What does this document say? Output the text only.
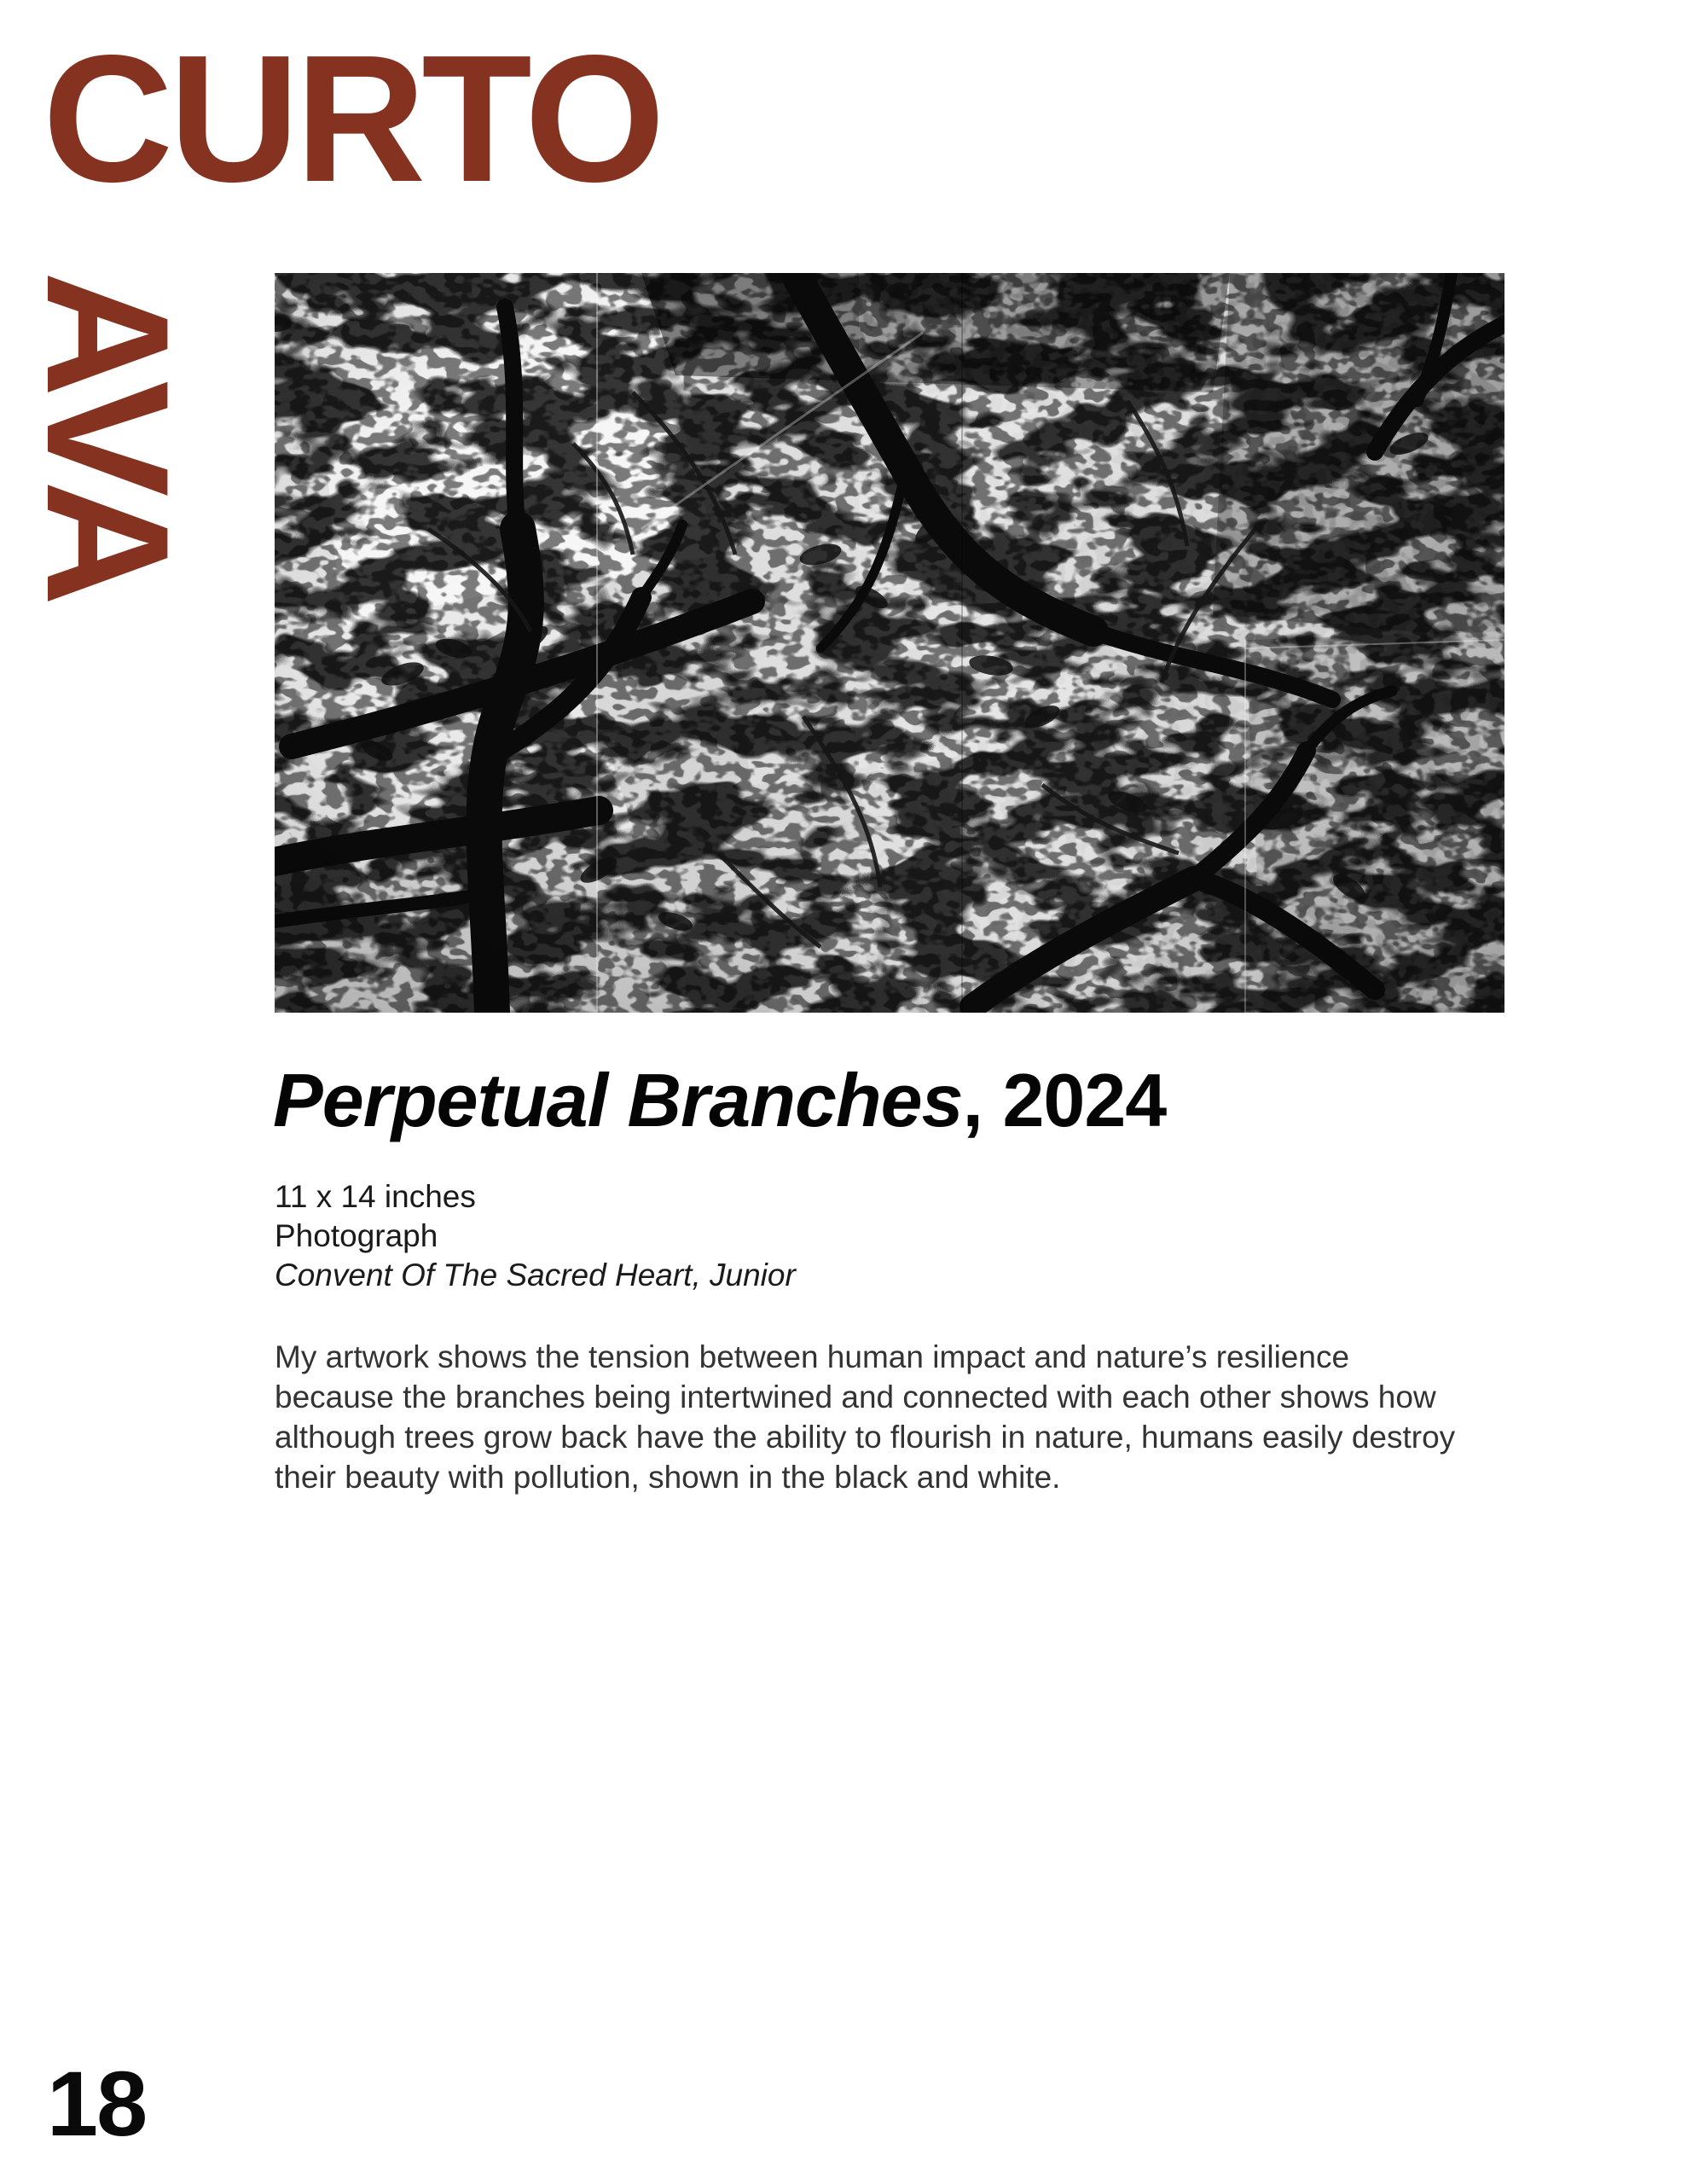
CURTO
AVA
Perpetual Branches, 2024
11 x 14 inches
Photograph
Convent Of The Sacred Heart, Junior
My artwork shows the tension between human impact and nature’s resilience
because the branches being intertwined and connected with each other shows how
although trees grow back have the ability to flourish in nature, humans easily destroy
their beauty with pollution, shown in the black and white.
18
